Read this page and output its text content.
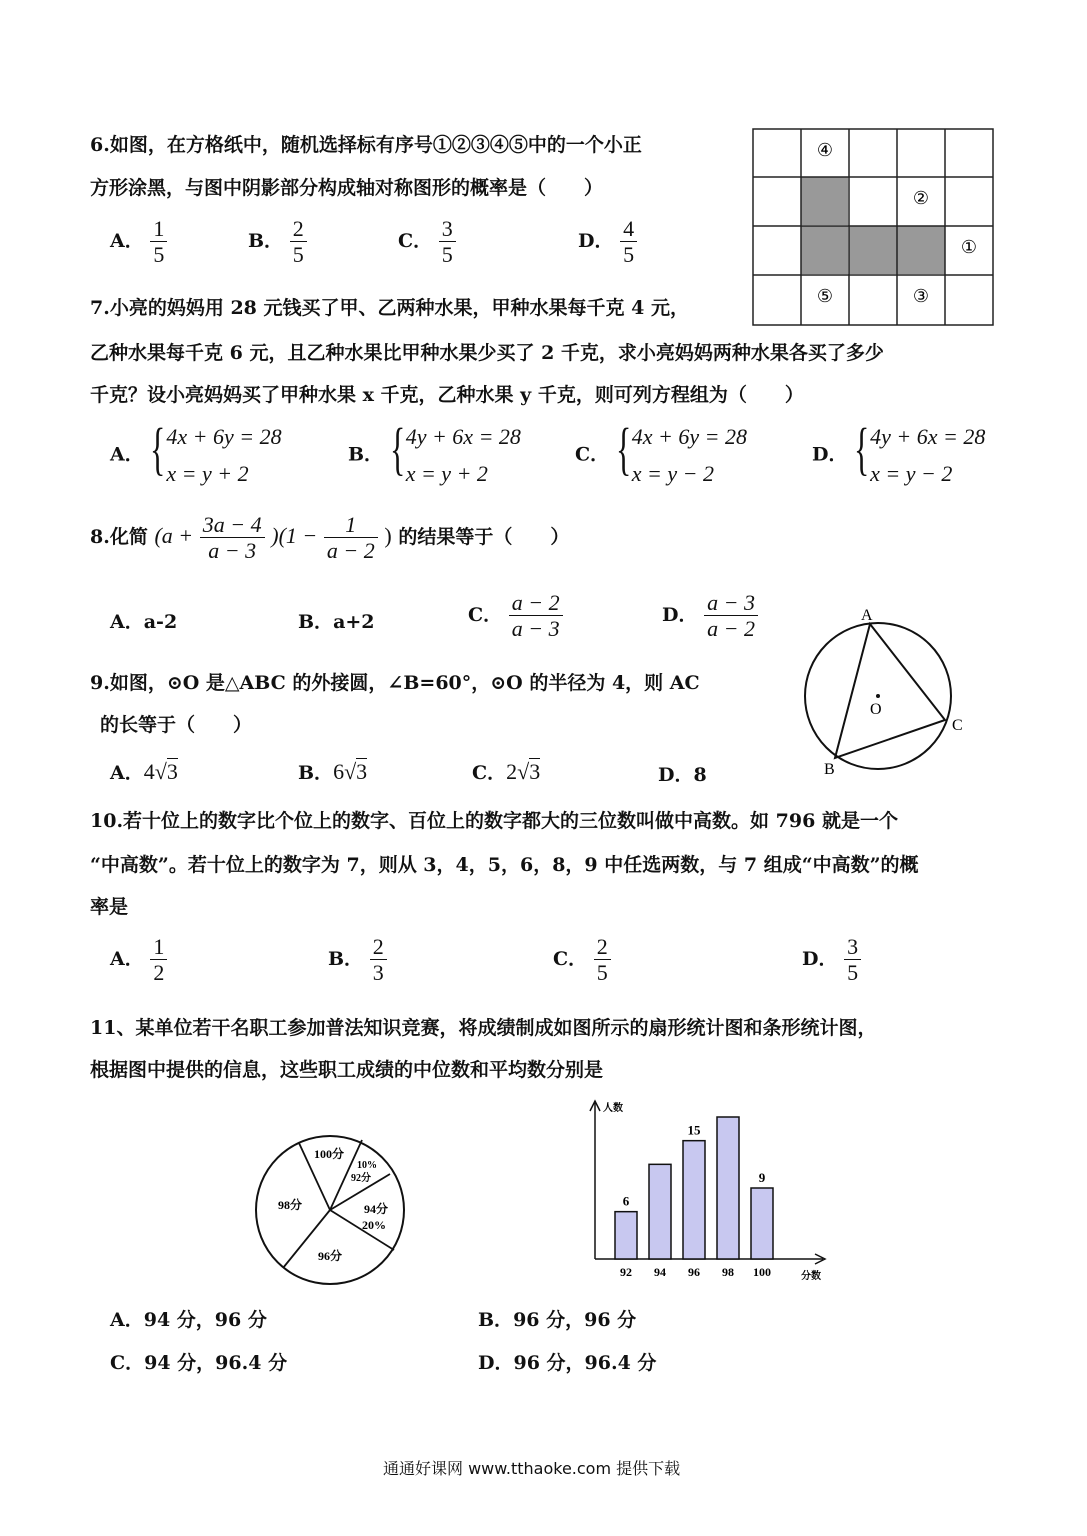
6.如图，在方格纸中，随机选择标有序号①②③④⑤中的一个小正
方形涂黑，与图中阴影部分构成轴对称图形的概率是（　　）
A． $\frac{1}{5}$	B． $\frac{2}{5}$	C． $\frac{3}{5}$	D． $\frac{4}{5}$
④
②
①
⑤	③
7.小亮的妈妈用 28 元钱买了甲、乙两种水果，甲种水果每千克 4 元，
乙种水果每千克 6 元，且乙种水果比甲种水果少买了 2 千克，求小亮妈妈两种水果各买了多少
千克？设小亮妈妈买了甲种水果 x 千克，乙种水果 y 千克，则可列方程组为（　　）
A． { 4x + 6y = 28
x = y + 2
B． { 4y + 6x = 28
x = y + 2
C． { 4x + 6y = 28
x = y − 2
D． { 4y + 6x = 28
x = y − 2
8.化简 $(a + \frac{3a - 4}{a - 3} )(1 - \frac{1}{a - 2}$ ) 的结果等于（　　）
A．a-2	B．a+2	C． $\frac{a - 2}{a - 3}$	D． $\frac{a - 3}{a - 2}$
9.如图，⊙O 是△ABC 的外接圆，∠B=60°，⊙O 的半径为 4，则 AC
的长等于（　　）
A．4√3	B．6√3	C．2√3	D．8
A
B
C
O
10.若十位上的数字比个位上的数字、百位上的数字都大的三位数叫做中高数。如 796 就是一个
“中高数”。若十位上的数字为 7，则从 3，4，5，6，8，9 中任选两数，与 7 组成“中高数”的概
率是
A． $\frac{1}{2}$	B． $\frac{2}{3}$	C． $\frac{2}{5}$	D． $\frac{3}{5}$
11、某单位若干名职工参加普法知识竞赛，将成绩制成如图所示的扇形统计图和条形统计图，
根据图中提供的信息，这些职工成绩的中位数和平均数分别是
100分
10%
92分
98分	94分
20%
96分
人数
分数
92
6
94 96
15
98 100
9
A．94 分，96 分	B．96 分，96 分
C．94 分，96.4 分	D．96 分，96.4 分
通通好课网 www.tthaoke.com 提供下载
